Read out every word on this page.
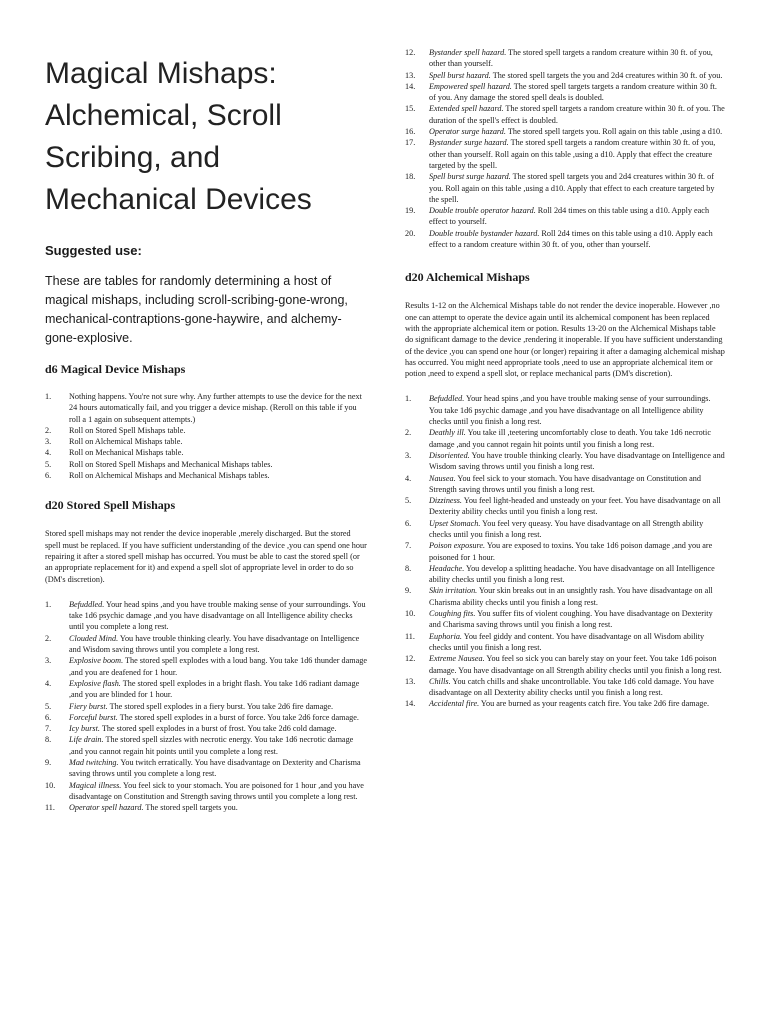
Magical Mishaps: Alchemical, Scroll Scribing, and Mechanical Devices
Suggested use:

These are tables for randomly determining a host of magical mishaps, including scroll-scribing-gone-wrong, mechanical-contraptions-gone-haywire, and alchemy-gone-explosive.

d6 Magical Device Mishaps
1.	Nothing happens. You're not sure why. Any further attempts to use the device for the next 24 hours automatically fail, and you trigger a device mishap. (Reroll on this table if you roll a 1 again on subsequent attempts.)
2.	Roll on Stored Spell Mishaps table.
3.	Roll on Alchemical Mishaps table.
4.	Roll on Mechanical Mishaps table.
5.	Roll on Stored Spell Mishaps and Mechanical Mishaps tables.
6.	Roll on Alchemical Mishaps and Mechanical Mishaps tables.
d20 Stored Spell Mishaps

Stored spell mishaps may not render the device inoperable ,merely discharged. But the stored spell must be replaced. If you have sufficient understanding of the device ,you can spend one hour repairing it after a stored spell mishap has occurred. You must be able to cast the stored spell (or an appropriate replacement for it) and expend a spell slot of appropriate level in order to do so (DM's discretion).

1.	Befuddled. Your head spins ,and you have trouble making sense of your surroundings. You take 1d6 psychic damage ,and you have disadvantage on all Intelligence ability checks until you complete a long rest.
2.	Clouded Mind. You have trouble thinking clearly. You have disadvantage on Intelligence and Wisdom saving throws until you complete a long rest.
3.	Explosive boom. The stored spell explodes with a loud bang. You take 1d6 thunder damage ,and you are deafened for 1 hour.
4.	Explosive flash. The stored spell explodes in a bright flash. You take 1d6 radiant damage ,and you are blinded for 1 hour.
5.	Fiery burst. The stored spell explodes in a fiery burst. You take 2d6 fire damage.
6.	Forceful burst. The stored spell explodes in a burst of force. You take 2d6 force damage.
7.	Icy burst. The stored spell explodes in a burst of frost. You take 2d6 cold damage.
8.	Life drain. The stored spell sizzles with necrotic energy. You take 1d6 necrotic damage ,and you cannot regain hit points until you complete a long rest.
9.	Mad twitching. You twitch erratically. You have disadvantage on Dexterity and Charisma saving throws until you complete a long rest.
10.	Magical illness. You feel sick to your stomach. You are poisoned for 1 hour ,and you have disadvantage on Constitution and Strength saving throws until you complete a long rest.
11.	Operator spell hazard. The stored spell targets you.
12.	Bystander spell hazard. The stored spell targets a random creature within 30 ft. of you, other than yourself.
13.	Spell burst hazard. The stored spell targets the you and 2d4 creatures within 30 ft. of you.
14.	Empowered spell hazard. The stored spell targets targets a random creature within 30 ft. of you. Any damage the stored spell deals is doubled.
15.	Extended spell hazard. The stored spell targets a random creature within 30 ft. of you. The duration of the spell's effect is doubled.
16.	Operator surge hazard. The stored spell targets you. Roll again on this table ,using a d10.
17.	Bystander surge hazard. The stored spell targets a random creature within 30 ft. of you, other than yourself. Roll again on this table ,using a d10. Apply that effect the creature targeted by the spell.
18.	Spell burst surge hazard. The stored spell targets you and 2d4 creatures within 30 ft. of you. Roll again on this table ,using a d10. Apply that effect to each creature targeted by the spell.
19.	Double trouble operator hazard. Roll 2d4 times on this table using a d10. Apply each effect to yourself.
20.	Double trouble bystander hazard. Roll 2d4 times on this table using a d10. Apply each effect to a random creature within 30 ft. of you, other than yourself.
d20 Alchemical Mishaps

Results 1-12 on the Alchemical Mishaps table do not render the device inoperable. However ,no one can attempt to operate the device again until its alchemical component has been replaced with the appropriate alchemical item or potion. Results 13-20 on the Alchemical Mishaps table do significant damage to the device ,rendering it inoperable. If you have sufficient understanding of the device ,you can spend one hour (or longer) repairing it after a damaging alchemical mishap has occurred. You might need appropriate tools ,need to use an appropriate alchemical item or potion ,need to expend a spell slot, or replace mechanical parts (DM's discretion).

1.	Befuddled. Your head spins ,and you have trouble making sense of your surroundings. You take 1d6 psychic damage ,and you have disadvantage on all Intelligence ability checks until you finish a long rest.
2.	Deathly ill. You take ill ,teetering uncomfortably close to death. You take 1d6 necrotic damage ,and you cannot regain hit points until you finish a long rest.
3.	Disoriented. You have trouble thinking clearly. You have disadvantage on Intelligence and Wisdom saving throws until you finish a long rest.
4.	Nausea. You feel sick to your stomach. You have disadvantage on Constitution and Strength saving throws until you finish a long rest.
5.	Dizziness. You feel light-headed and unsteady on your feet. You have disadvantage on all Dexterity ability checks until you finish a long rest.
6.	Upset Stomach. You feel very queasy. You have disadvantage on all Strength ability checks until you finish a long rest.
7.	Poison exposure. You are exposed to toxins. You take 1d6 poison damage ,and you are poisoned for 1 hour.
8.	Headache. You develop a splitting headache. You have disadvantage on all Intelligence ability checks until you finish a long rest.
9.	Skin irritation. Your skin breaks out in an unsightly rash. You have disadvantage on all Charisma ability checks until you finish a long rest.
10.	Coughing fits. You suffer fits of violent coughing. You have disadvantage on Dexterity and Charisma saving throws until you finish a long rest.
11.	Euphoria. You feel giddy and content. You have disadvantage on all Wisdom ability checks until you finish a long rest.
12.	Extreme Nausea. You feel so sick you can barely stay on your feet. You take 1d6 poison damage. You have disadvantage on all Strength ability checks until you finish a long rest.
13.	Chills. You catch chills and shake uncontrollable. You take 1d6 cold damage. You have disadvantage on all Dexterity ability checks until you finish a long rest.
14.	Accidental fire. You are burned as your reagents catch fire. You take 2d6 fire damage.
